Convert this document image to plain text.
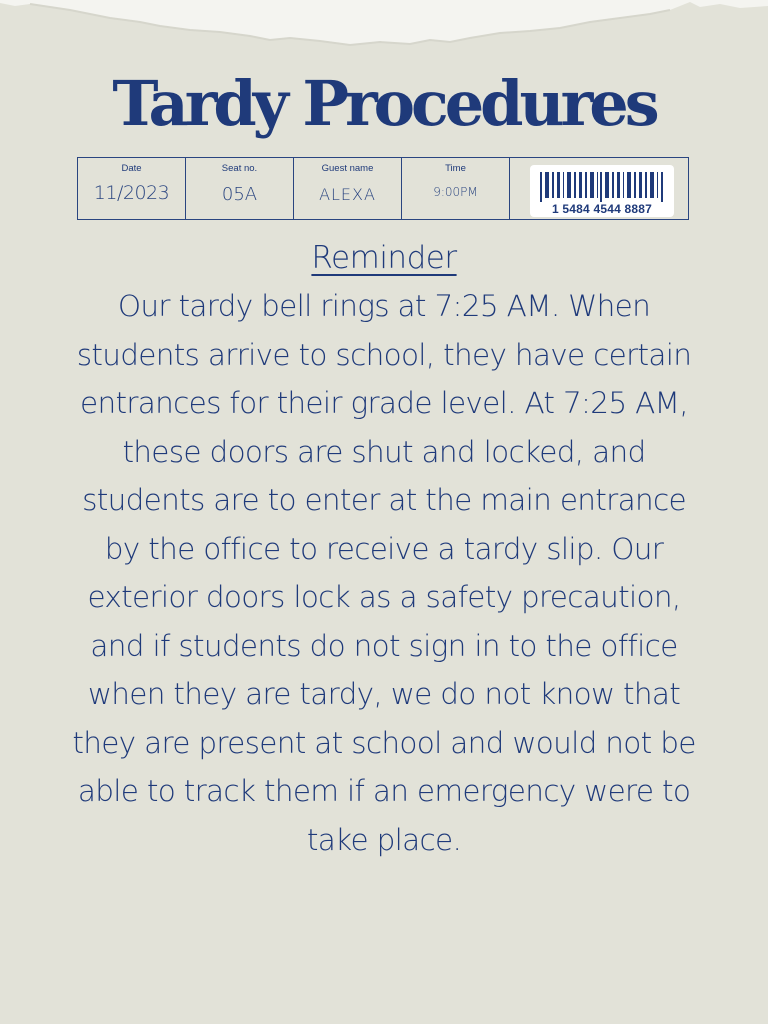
Tardy Procedures
Date
11/2023
Seat no.
05A
Guest name
ALEXA
Time
9:00PM
1 5484 4544 8887
Reminder

Our tardy bell rings at 7:25 AM. When students arrive to school, they have certain entrances for their grade level. At 7:25 AM, these doors are shut and locked, and students are to enter at the main entrance by the office to receive a tardy slip. Our exterior doors lock as a safety precaution, and if students do not sign in to the office when they are tardy, we do not know that they are present at school and would not be able to track them if an emergency were to take place.
